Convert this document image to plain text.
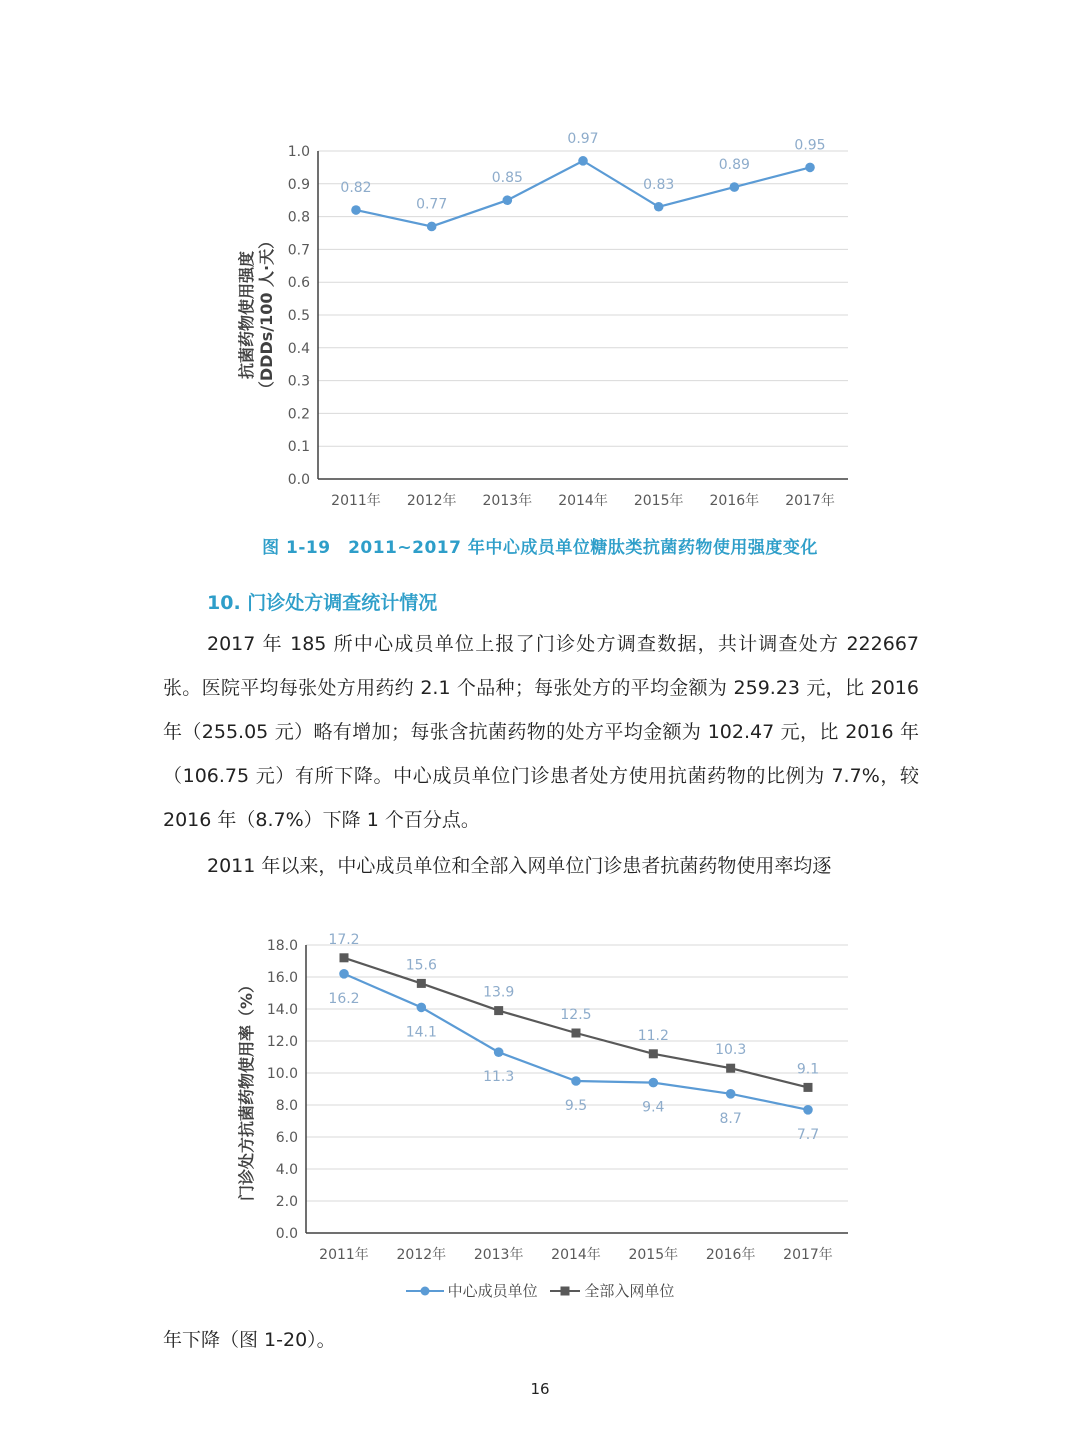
0.0
0.1
0.2
0.3
0.4
0.5
0.6
0.7
0.8
0.9
1.0
2011年 2012年 2013年 2014年 2015年 2016年 2017年
抗菌药物使用强度 （DDDs/100 人·天）
0.82
0.77
0.85
0.97
0.83
0.89
0.95
图 1-19　2011~2017 年中心成员单位糖肽类抗菌药物使用强度变化
10. 门诊处方调查统计情况

2017 年 185 所中心成员单位上报了门诊处方调查数据，共计调查处方 222667 张。医院平均每张处方用药约 2.1 个品种；每张处方的平均金额为 259.23 元，比 2016 年（255.05 元）略有增加；每张含抗菌药物的处方平均金额为 102.47 元，比 2016 年（106.75 元）有所下降。中心成员单位门诊患者处方使用抗菌药物的比例为 7.7%，较 2016 年（8.7%）下降 1 个百分点。

2011 年以来，中心成员单位和全部入网单位门诊患者抗菌药物使用率均逐

0.0
2.0
4.0
6.0
8.0
10.0
12.0
14.0
16.0
18.0
2011年 2012年 2013年 2014年 2015年 2016年 2017年
门诊处方抗菌药物使用率（%）	16.2
14.1
11.3
9.5	9.4
8.7
7.7
17.2
15.6
13.9
12.5
11.2
10.3
9.1
中心成员单位
	全部入网单位

年下降（图 1-20）。

16
